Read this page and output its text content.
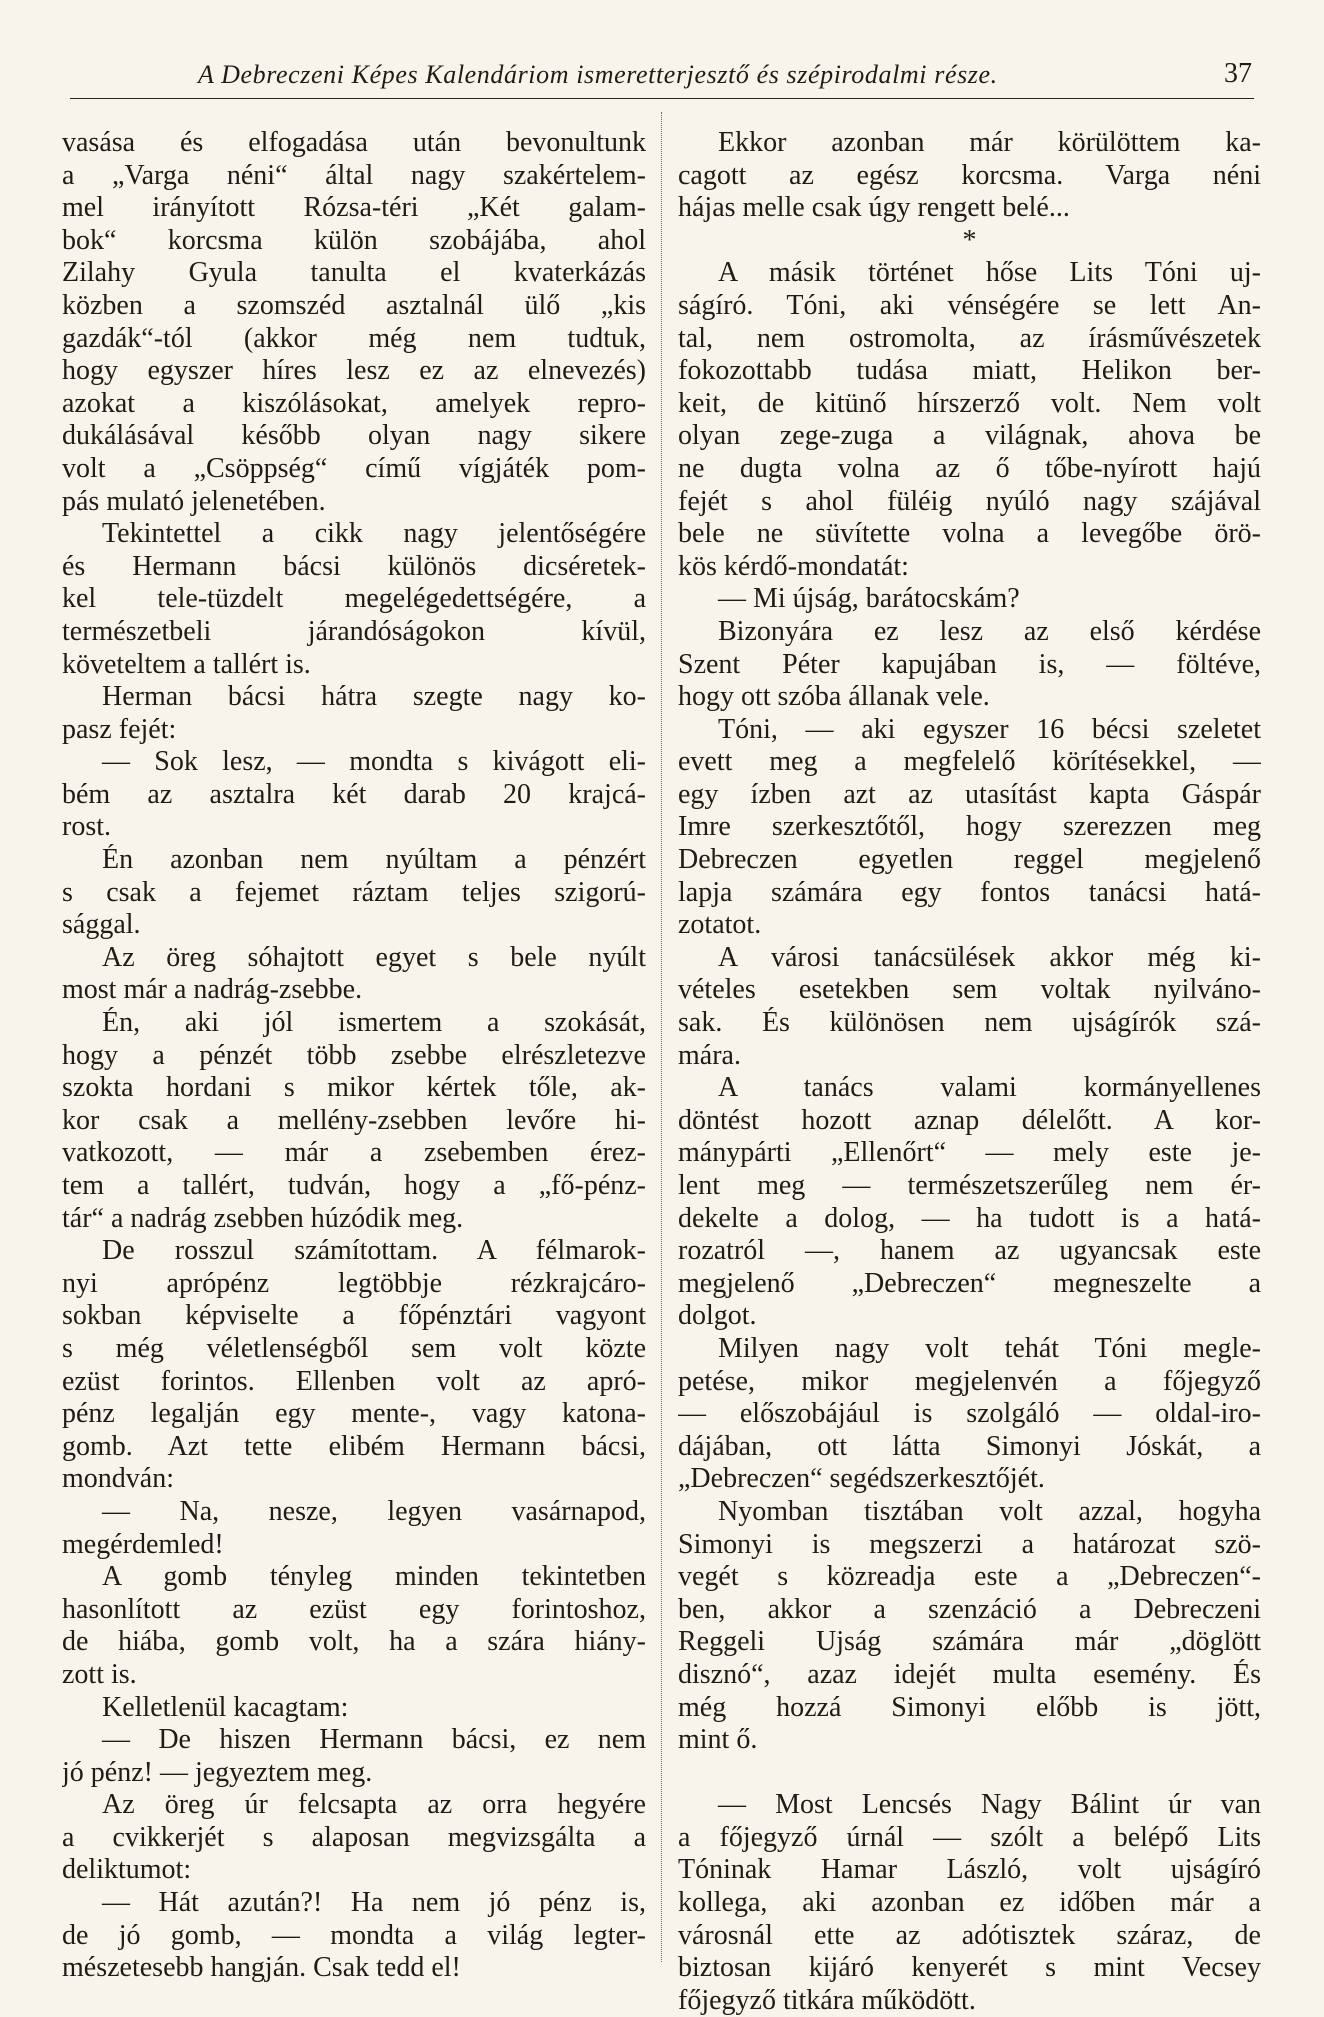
A Debreczeni Képes Kalendáriom ismeretterjesztő és szépirodalmi része.	37
vasása és elfogadása után bevonultunk
a „Varga néni“ által nagy szakértelem-
mel irányított Rózsa-téri „Két galam-
bok“ korcsma külön szobájába, ahol
Zilahy Gyula tanulta el kvaterkázás
közben a szomszéd asztalnál ülő „kis
gazdák“-tól (akkor még nem tudtuk,
hogy egyszer híres lesz ez az elnevezés)
azokat a kiszólásokat, amelyek repro-
dukálásával később olyan nagy sikere
volt a „Csöppség“ című vígjáték pom-
pás mulató jelenetében.
Tekintettel a cikk nagy jelentőségére
és Hermann bácsi különös dicséretek-
kel tele-tüzdelt megelégedettségére, a
természetbeli járandóságokon kívül,
követeltem a tallért is.
Herman bácsi hátra szegte nagy ko-
pasz fejét:
— Sok lesz, — mondta s kivágott eli-
bém az asztalra két darab 20 krajcá-
rost.
Én azonban nem nyúltam a pénzért
s csak a fejemet ráztam teljes szigorú-
sággal.
Az öreg sóhajtott egyet s bele nyúlt
most már a nadrág-zsebbe.
Én, aki jól ismertem a szokását,
hogy a pénzét több zsebbe elrészletezve
szokta hordani s mikor kértek tőle, ak-
kor csak a mellény-zsebben levőre hi-
vatkozott, — már a zsebemben érez-
tem a tallért, tudván, hogy a „fő-pénz-
tár“ a nadrág zsebben húzódik meg.
De rosszul számítottam. A félmarok-
nyi aprópénz legtöbbje rézkrajcáro-
sokban képviselte a főpénztári vagyont
s még véletlenségből sem volt közte
ezüst forintos. Ellenben volt az apró-
pénz legalján egy mente-, vagy katona-
gomb. Azt tette elibém Hermann bácsi,
mondván:
— Na, nesze, legyen vasárnapod,
megérdemled!
A gomb tényleg minden tekintetben
hasonlított az ezüst egy forintoshoz,
de hiába, gomb volt, ha a szára hiány-
zott is.
Kelletlenül kacagtam:
— De hiszen Hermann bácsi, ez nem
jó pénz! — jegyeztem meg.
Az öreg úr felcsapta az orra hegyére
a cvikkerjét s alaposan megvizsgálta a
deliktumot:
— Hát azután?! Ha nem jó pénz is,
de jó gomb, — mondta a világ legter-
mészetesebb hangján. Csak tedd el!
Ekkor azonban már körülöttem ka-
cagott az egész korcsma. Varga néni
hájas melle csak úgy rengett belé...
*
A másik történet hőse Lits Tóni uj-
ságíró. Tóni, aki vénségére se lett An-
tal, nem ostromolta, az írásművészetek
fokozottabb tudása miatt, Helikon ber-
keit, de kitünő hírszerző volt. Nem volt
olyan zege-zuga a világnak, ahova be
ne dugta volna az ő tőbe-nyírott hajú
fejét s ahol füléig nyúló nagy szájával
bele ne süvítette volna a levegőbe örö-
kös kérdő-mondatát:
— Mi újság, barátocskám?
Bizonyára ez lesz az első kérdése
Szent Péter kapujában is, — föltéve,
hogy ott szóba állanak vele.
Tóni, — aki egyszer 16 bécsi szeletet
evett meg a megfelelő körítésekkel, —
egy ízben azt az utasítást kapta Gáspár
Imre szerkesztőtől, hogy szerezzen meg
Debreczen egyetlen reggel megjelenő
lapja számára egy fontos tanácsi hatá-
zotatot.
A városi tanácsülések akkor még ki-
vételes esetekben sem voltak nyilváno-
sak. És különösen nem ujságírók szá-
mára.
A tanács valami kormányellenes
döntést hozott aznap délelőtt. A kor-
mánypárti „Ellenőrt“ — mely este je-
lent meg — természetszerűleg nem ér-
dekelte a dolog, — ha tudott is a hatá-
rozatról —, hanem az ugyancsak este
megjelenő „Debreczen“ megneszelte a
dolgot.
Milyen nagy volt tehát Tóni megle-
petése, mikor megjelenvén a főjegyző
— előszobájául is szolgáló — oldal-iro-
dájában, ott látta Simonyi Jóskát, a
„Debreczen“ segédszerkesztőjét.
Nyomban tisztában volt azzal, hogyha
Simonyi is megszerzi a határozat szö-
vegét s közreadja este a „Debreczen“-
ben, akkor a szenzáció a Debreczeni
Reggeli Ujság számára már „döglött
disznó“, azaz idejét multa esemény. És
még hozzá Simonyi előbb is jött,
mint ő.
— Most Lencsés Nagy Bálint úr van
a főjegyző úrnál — szólt a belépő Lits
Tóninak Hamar László, volt ujságíró
kollega, aki azonban ez időben már a
városnál ette az adótisztek száraz, de
biztosan kijáró kenyerét s mint Vecsey
főjegyző titkára működött.
